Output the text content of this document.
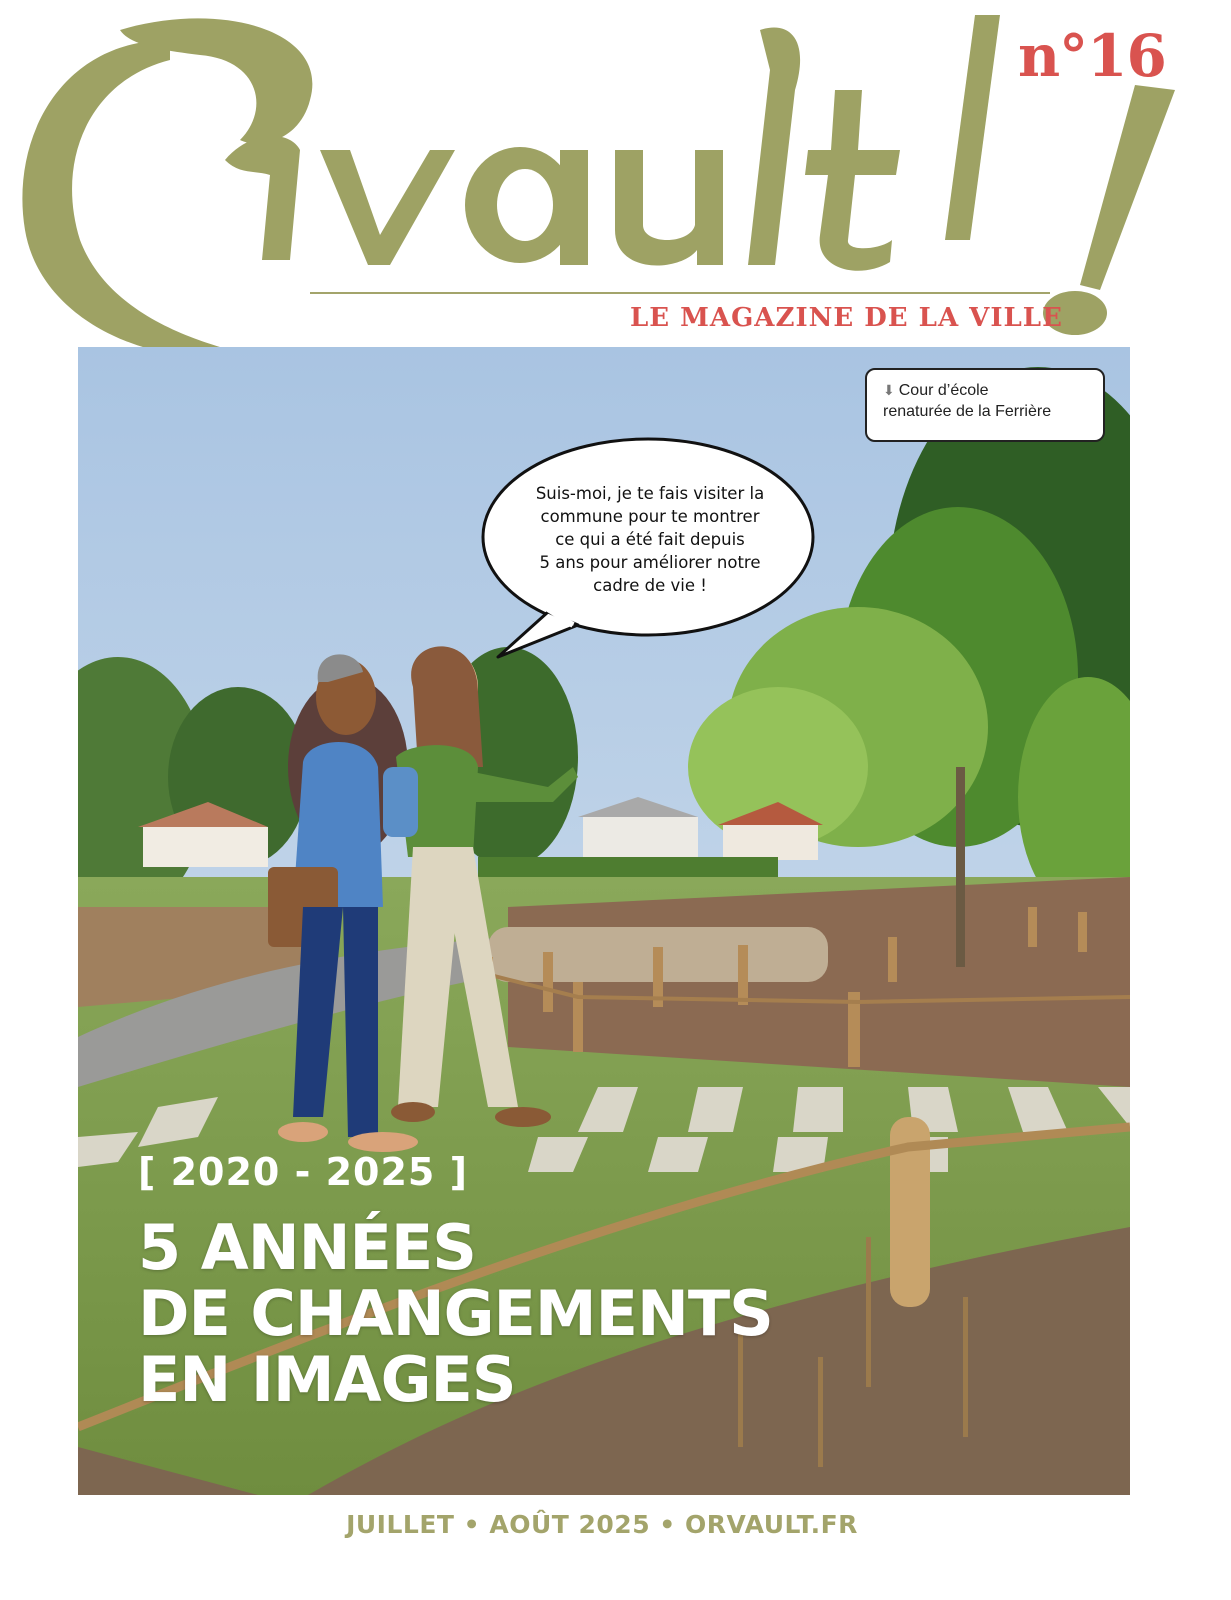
n°16
LE MAGAZINE DE LA VILLE
⬇ Cour d’école
renaturée de la Ferrière
Suis-moi, je te fais visiter la
commune pour te montrer
ce qui a été fait depuis
5 ans pour améliorer notre
cadre de vie !
[ 2020 - 2025 ]
5 ANNÉES
DE CHANGEMENTS
EN IMAGES
JUILLET • AOÛT 2025 • ORVAULT.FR
